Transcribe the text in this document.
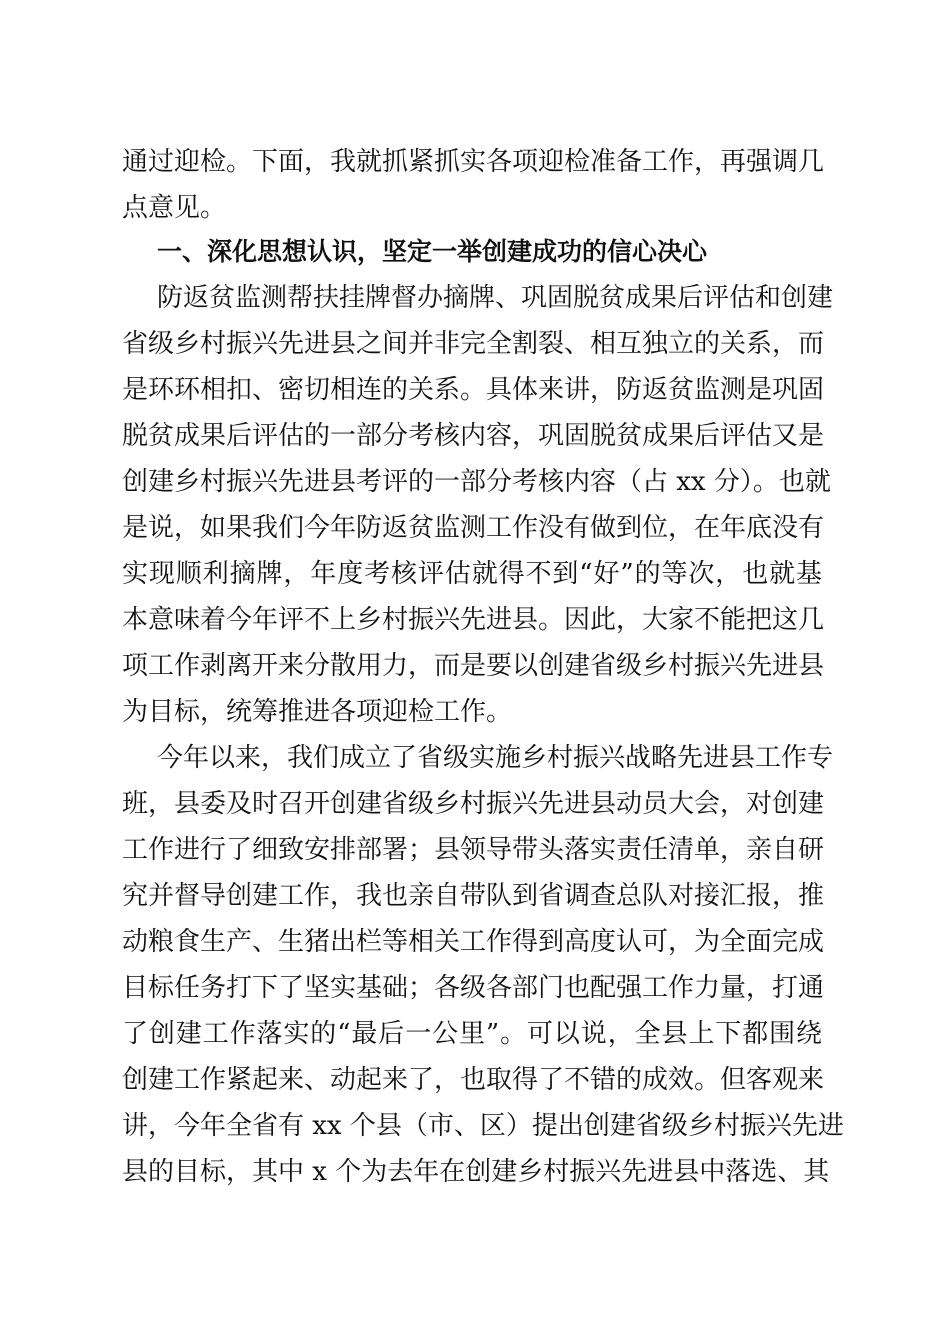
通过迎检。下面，我就抓紧抓实各项迎检准备工作，再强调几
点意见。
一、深化思想认识，坚定一举创建成功的信心决心
防返贫监测帮扶挂牌督办摘牌、巩固脱贫成果后评估和创建
省级乡村振兴先进县之间并非完全割裂、相互独立的关系，而
是环环相扣、密切相连的关系。具体来讲，防返贫监测是巩固
脱贫成果后评估的一部分考核内容，巩固脱贫成果后评估又是
创建乡村振兴先进县考评的一部分考核内容（占 xx 分）。也就
是说，如果我们今年防返贫监测工作没有做到位，在年底没有
实现顺利摘牌，年度考核评估就得不到“好”的等次，也就基
本意味着今年评不上乡村振兴先进县。因此，大家不能把这几
项工作剥离开来分散用力，而是要以创建省级乡村振兴先进县
为目标，统筹推进各项迎检工作。
今年以来，我们成立了省级实施乡村振兴战略先进县工作专
班，县委及时召开创建省级乡村振兴先进县动员大会，对创建
工作进行了细致安排部署；县领导带头落实责任清单，亲自研
究并督导创建工作，我也亲自带队到省调查总队对接汇报，推
动粮食生产、生猪出栏等相关工作得到高度认可，为全面完成
目标任务打下了坚实基础；各级各部门也配强工作力量，打通
了创建工作落实的“最后一公里”。可以说，全县上下都围绕
创建工作紧起来、动起来了，也取得了不错的成效。但客观来
讲，今年全省有 xx 个县（市、区）提出创建省级乡村振兴先进
县的目标，其中 x 个为去年在创建乡村振兴先进县中落选、其
